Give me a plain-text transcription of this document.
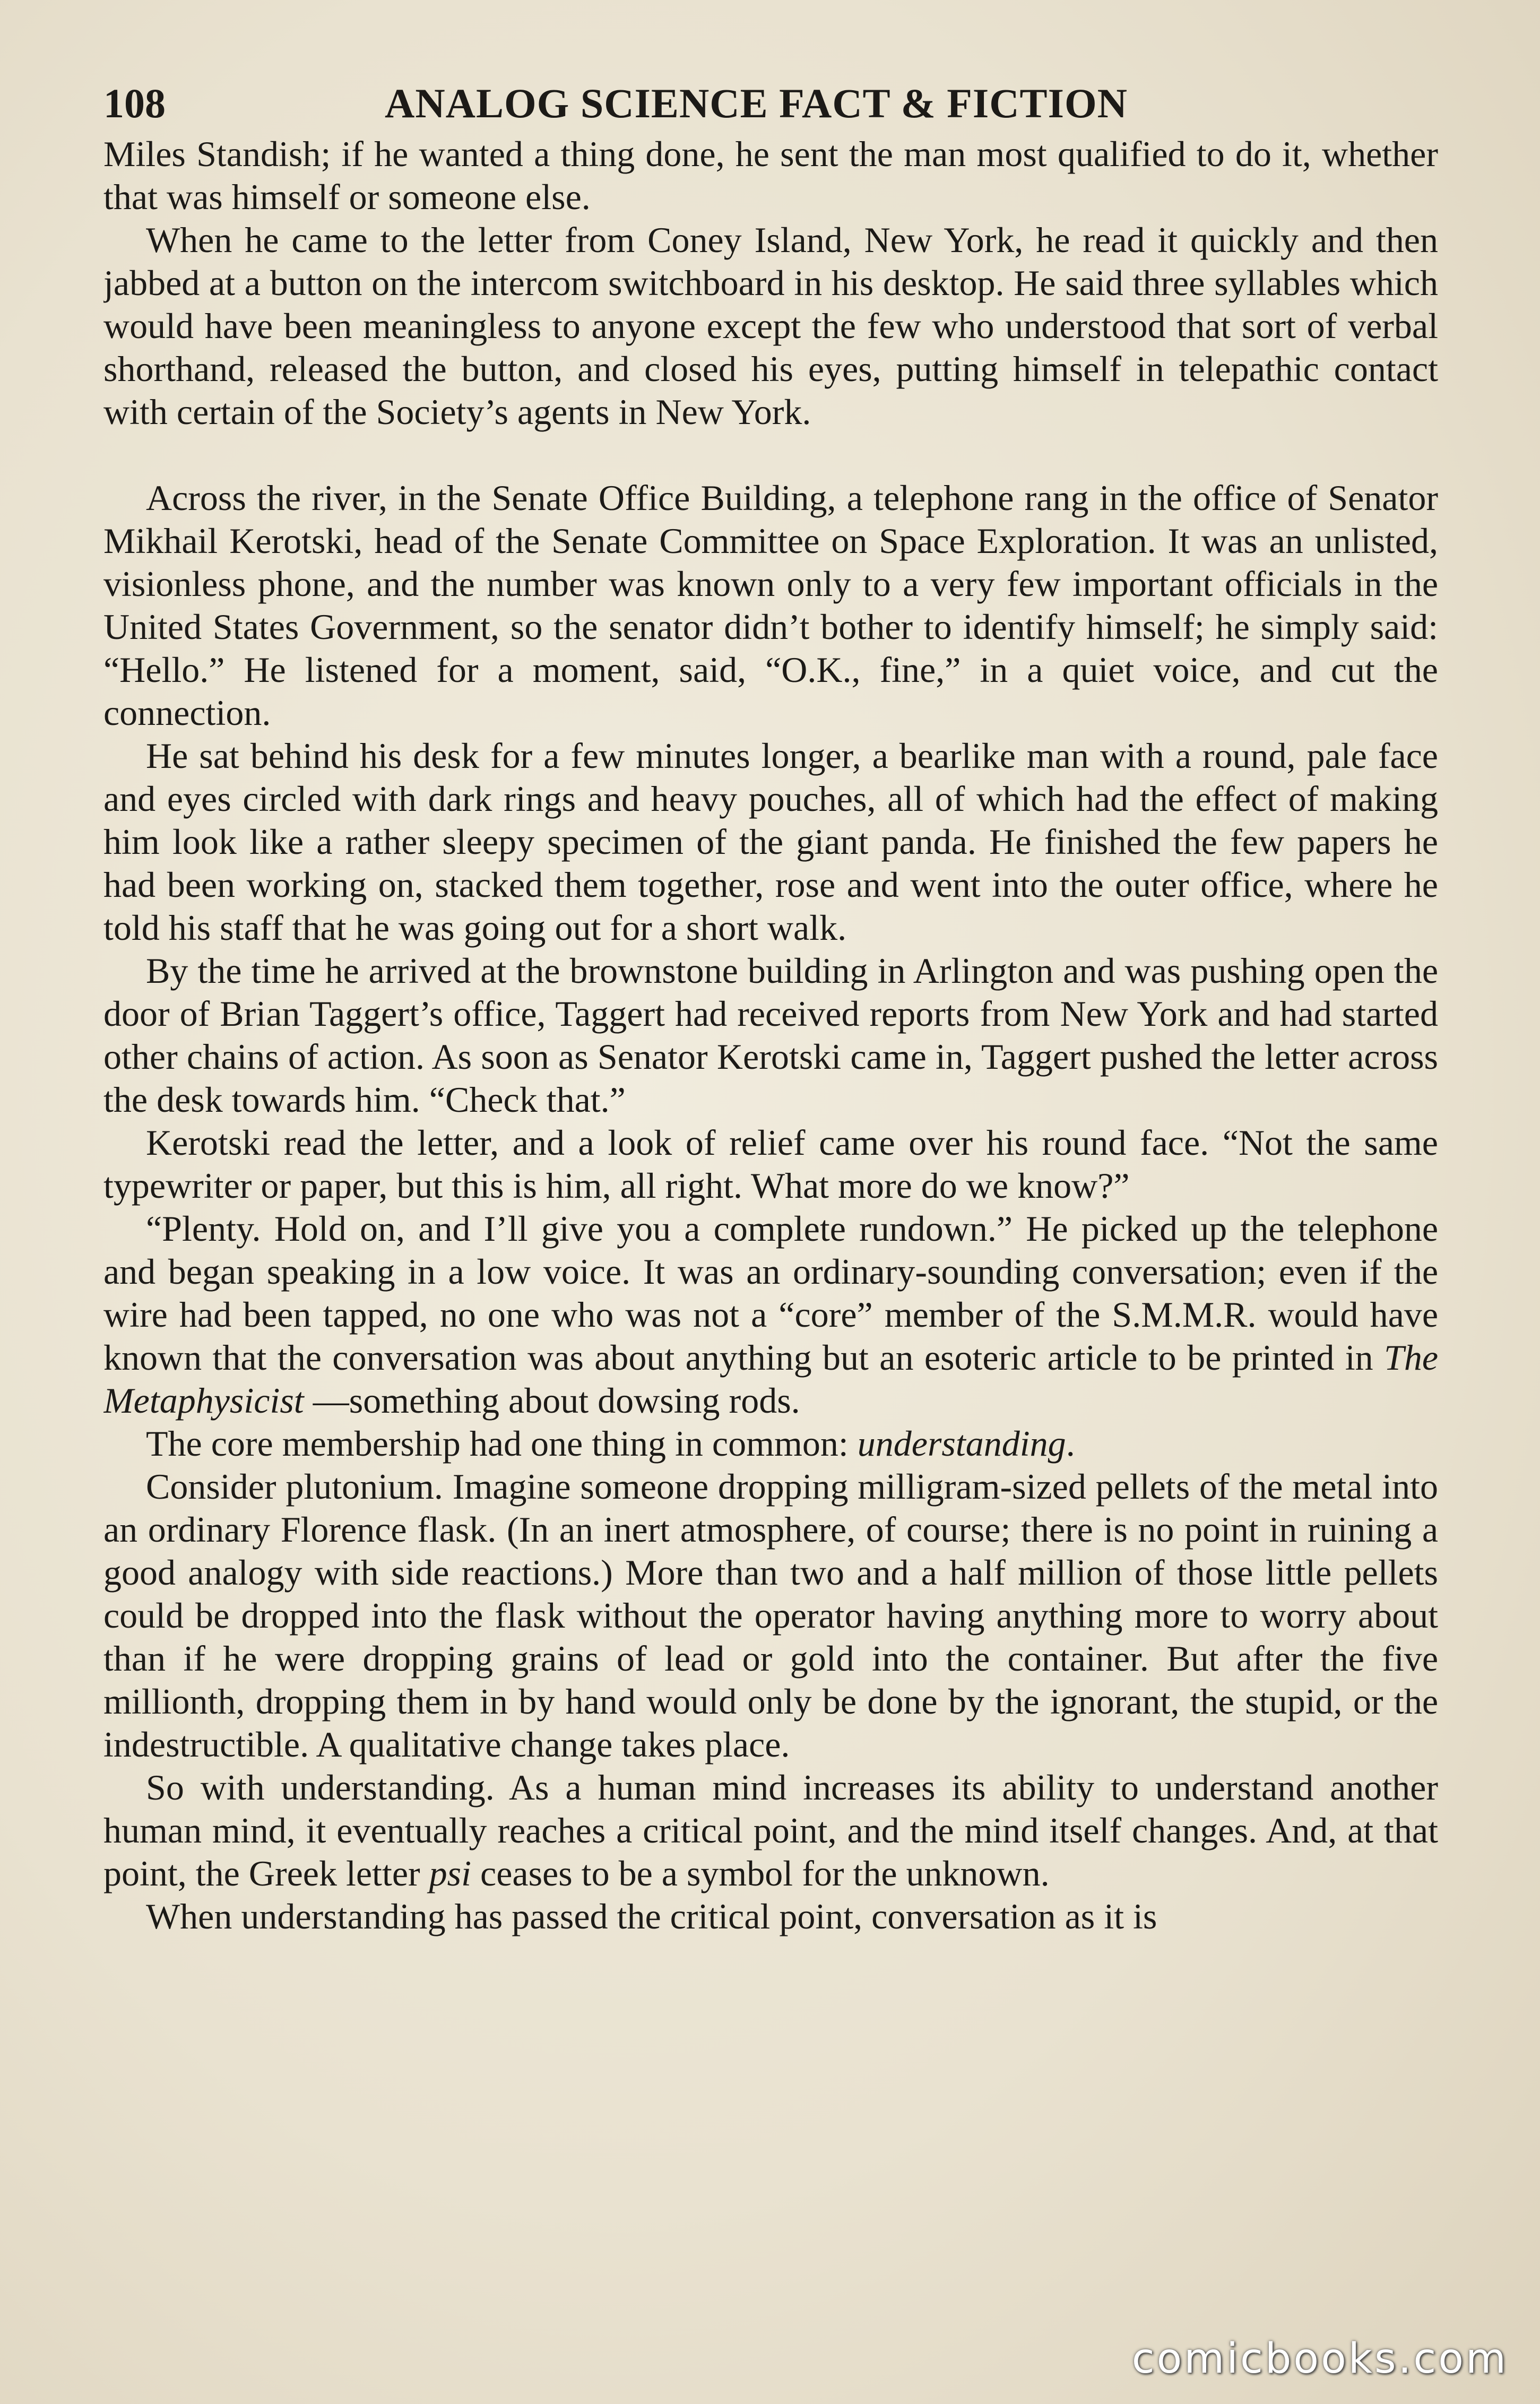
108	ANALOG SCIENCE FACT & FICTION

Miles Standish; if he wanted a thing done, he sent the man most qualified to do it, whether that was himself or someone else.

When he came to the letter from Coney Island, New York, he read it quickly and then jabbed at a button on the intercom switchboard in his desktop. He said three syllables which would have been meaningless to anyone except the few who understood that sort of verbal shorthand, released the button, and closed his eyes, putting himself in telepathic contact with certain of the Society’s agents in New York.

Across the river, in the Senate Office Building, a telephone rang in the office of Senator Mikhail Kerotski, head of the Senate Committee on Space Exploration. It was an unlisted, visionless phone, and the number was known only to a very few important officials in the United States Government, so the senator didn’t bother to identify himself; he simply said: “Hello.” He listened for a moment, said, “O.K., fine,” in a quiet voice, and cut the connection.

He sat behind his desk for a few minutes longer, a bearlike man with a round, pale face and eyes circled with dark rings and heavy pouches, all of which had the effect of making him look like a rather sleepy specimen of the giant panda. He finished the few papers he had been working on, stacked them together, rose and went into the outer office, where he told his staff that he was going out for a short walk.

By the time he arrived at the brownstone building in Arlington and was pushing open the door of Brian Taggert’s office, Taggert had received reports from New York and had started other chains of action. As soon as Senator Kerotski came in, Taggert pushed the letter across the desk towards him. “Check that.”

Kerotski read the letter, and a look of relief came over his round face. “Not the same typewriter or paper, but this is him, all right. What more do we know?”

“Plenty. Hold on, and I’ll give you a complete rundown.” He picked up the telephone and began speaking in a low voice. It was an ordinary-sounding conversation; even if the wire had been tapped, no one who was not a “core” member of the S.M.M.R. would have known that the conversation was about anything but an esoteric article to be printed in The Metaphysicist —something about dowsing rods.

The core membership had one thing in common: understanding.

Consider plutonium. Imagine someone dropping milligram-sized pellets of the metal into an ordinary Florence flask. (In an inert atmosphere, of course; there is no point in ruining a good analogy with side reactions.) More than two and a half million of those little pellets could be dropped into the flask without the operator having anything more to worry about than if he were dropping grains of lead or gold into the container. But after the five millionth, dropping them in by hand would only be done by the ignorant, the stupid, or the indestructible. A qualitative change takes place.

So with understanding. As a human mind increases its ability to understand another human mind, it eventually reaches a critical point, and the mind itself changes. And, at that point, the Greek letter psi ceases to be a symbol for the unknown.

When understanding has passed the critical point, conversation as it is

comicbooks.com
